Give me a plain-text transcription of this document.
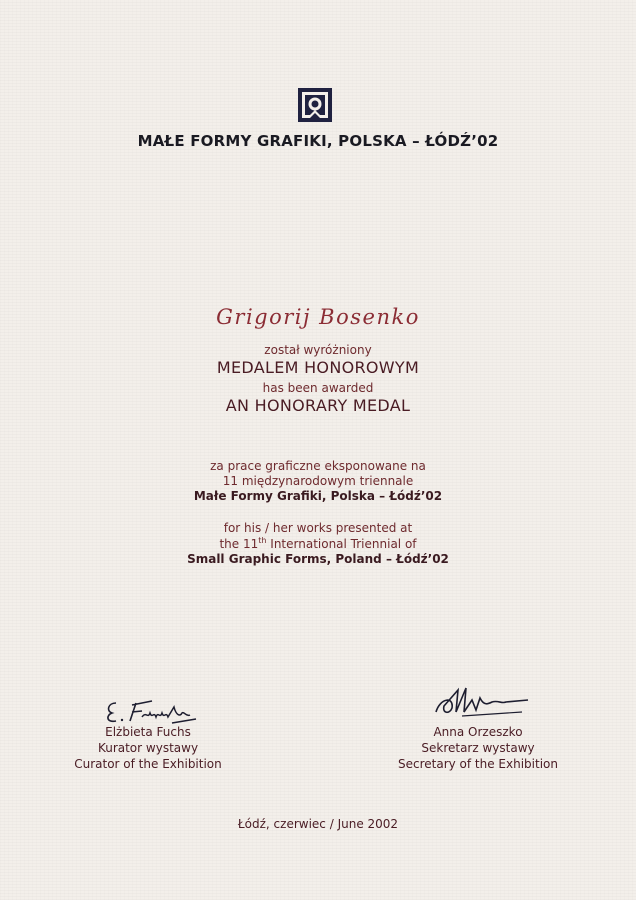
MAŁE FORMY GRAFIKI, POLSKA – ŁÓDŹ’02
Grigorij Bosenko
został wyróżniony
MEDALEM HONOROWYM
has been awarded
AN HONORARY MEDAL
za prace graficzne eksponowane na
11 międzynarodowym triennale
Małe Formy Grafiki, Polska – Łódź’02
for his / her works presented at
the 11th International Triennial of
Small Graphic Forms, Poland – Łódź’02
Elżbieta Fuchs
Kurator wystawy
Curator of the Exhibition
Anna Orzeszko
Sekretarz wystawy
Secretary of the Exhibition
Łódź, czerwiec / June 2002
